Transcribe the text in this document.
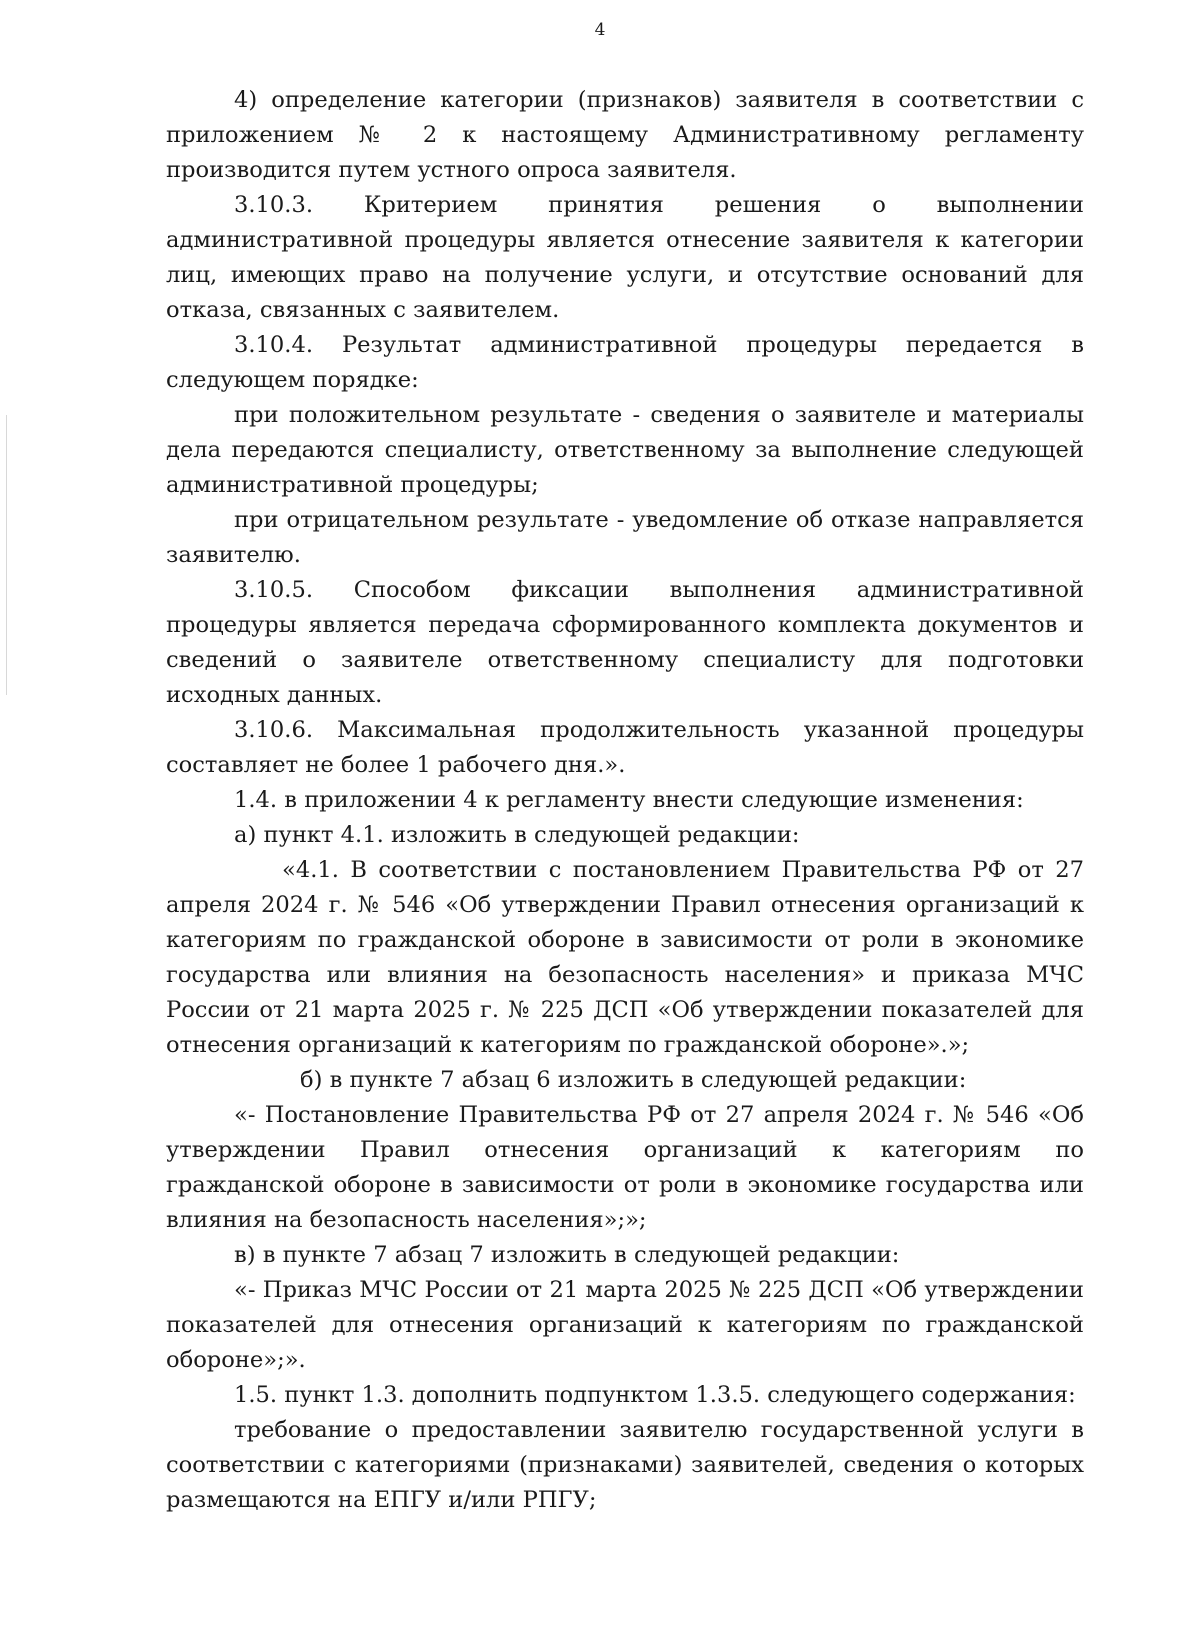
4

4) определение категории (признаков) заявителя в соответствии с приложением № 2 к настоящему Административному регламенту производится путем устного опроса заявителя.

3.10.3. Критерием принятия решения о выполнении административной процедуры является отнесение заявителя к категории лиц, имеющих право на получение услуги, и отсутствие оснований для отказа, связанных с заявителем.

3.10.4. Результат административной процедуры передается в следующем порядке:

при положительном результате - сведения о заявителе и материалы дела передаются специалисту, ответственному за выполнение следующей административной процедуры;

при отрицательном результате - уведомление об отказе направляется заявителю.

3.10.5. Способом фиксации выполнения административной процедуры является передача сформированного комплекта документов и сведений о заявителе ответственному специалисту для подготовки исходных данных.

3.10.6. Максимальная продолжительность указанной процедуры составляет не более 1 рабочего дня.».

1.4. в приложении 4 к регламенту внести следующие изменения:

а) пункт 4.1. изложить в следующей редакции:

«4.1. В соответствии с постановлением Правительства РФ от 27 апреля 2024 г. № 546 «Об утверждении Правил отнесения организаций к категориям по гражданской обороне в зависимости от роли в экономике государства или влияния на безопасность населения» и приказа МЧС России от 21 марта 2025 г. № 225 ДСП «Об утверждении показателей для отнесения организаций к категориям по гражданской обороне».»;

б) в пункте 7 абзац 6 изложить в следующей редакции:

«- Постановление Правительства РФ от 27 апреля 2024 г. № 546 «Об утверждении Правил отнесения организаций к категориям по гражданской обороне в зависимости от роли в экономике государства или влияния на безопасность населения»;»;

в) в пункте 7 абзац 7 изложить в следующей редакции:

«- Приказ МЧС России от 21 марта 2025 № 225 ДСП «Об утверждении показателей для отнесения организаций к категориям по гражданской обороне»;».

1.5. пункт 1.3. дополнить подпунктом 1.3.5. следующего содержания:

требование о предоставлении заявителю государственной услуги в соответствии с категориями (признаками) заявителей, сведения о которых размещаются на ЕПГУ и/или РПГУ;
